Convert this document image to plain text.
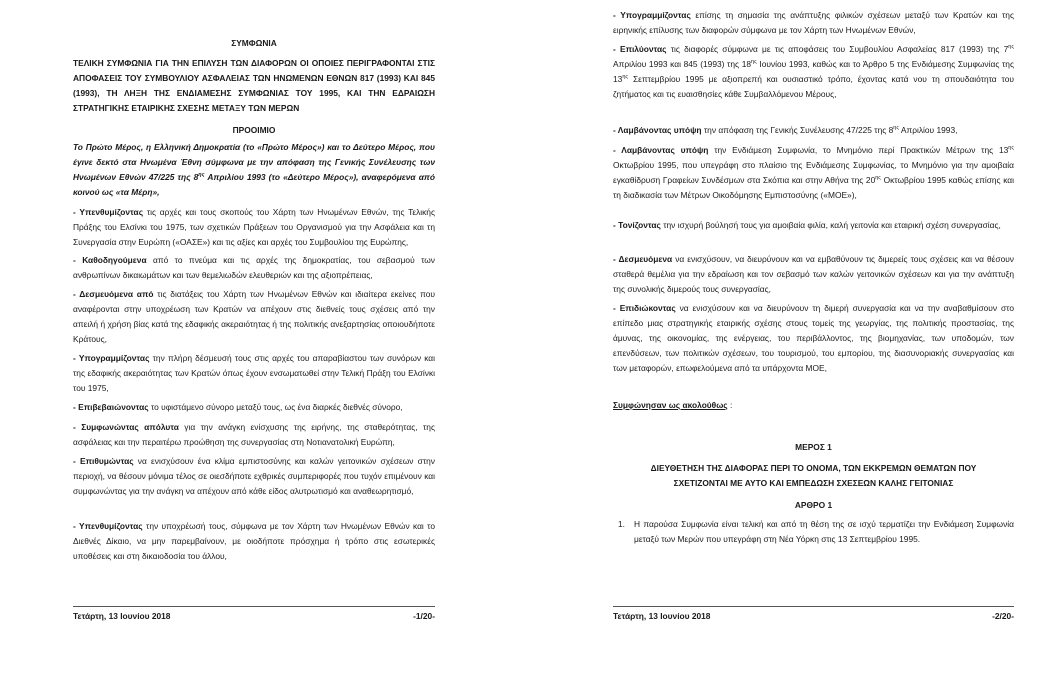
ΣΥΜΦΩΝΙΑ
ΤΕΛΙΚΗ ΣΥΜΦΩΝΙΑ ΓΙΑ ΤΗΝ ΕΠΙΛΥΣΗ ΤΩΝ ΔΙΑΦΟΡΩΝ ΟΙ ΟΠΟΙΕΣ ΠΕΡΙΓΡΑΦΟΝΤΑΙ ΣΤΙΣ ΑΠΟΦΑΣΕΙΣ ΤΟΥ ΣΥΜΒΟΥΛΙΟΥ ΑΣΦΑΛΕΙΑΣ ΤΩΝ ΗΝΩΜΕΝΩΝ ΕΘΝΩΝ 817 (1993) ΚΑΙ 845 (1993), ΤΗ ΛΗΞΗ ΤΗΣ ΕΝΔΙΑΜΕΣΗΣ ΣΥΜΦΩΝΙΑΣ ΤΟΥ 1995, ΚΑΙ ΤΗΝ ΕΔΡΑΙΩΣΗ ΣΤΡΑΤΗΓΙΚΗΣ ΕΤΑΙΡΙΚΗΣ ΣΧΕΣΗΣ ΜΕΤΑΞΥ ΤΩΝ ΜΕΡΩΝ
ΠΡΟΟΙΜΙΟ
Το Πρώτο Μέρος, η Ελληνική Δημοκρατία (το «Πρώτο Μέρος») και το Δεύτερο Μέρος, που έγινε δεκτό στα Ηνωμένα Έθνη σύμφωνα με την απόφαση της Γενικής Συνέλευσης των Ηνωμένων Εθνών 47/225 της $8^{\eta\varsigma}$ Απριλίου 1993 (το «Δεύτερο Μέρος»), αναφερόμενα από κοινού ως «τα Μέρη»,
- Υπενθυμίζοντας τις αρχές και τους σκοπούς του Χάρτη των Ηνωμένων Εθνών, της Τελικής Πράξης του Ελσίνκι του 1975, των σχετικών Πράξεων του Οργανισμού για την Ασφάλεια και τη Συνεργασία στην Ευρώπη («ΟΑΣΕ») και τις αξίες και αρχές του Συμβουλίου της Ευρώπης,
- Καθοδηγούμενα από το πνεύμα και τις αρχές της δημοκρατίας, του σεβασμού των ανθρωπίνων δικαιωμάτων και των θεμελιωδών ελευθεριών και της αξιοπρέπειας,
- Δεσμευόμενα από τις διατάξεις του Χάρτη των Ηνωμένων Εθνών και ιδιαίτερα εκείνες που αναφέρονται στην υποχρέωση των Κρατών να απέχουν στις διεθνείς τους σχέσεις από την απειλή ή χρήση βίας κατά της εδαφικής ακεραιότητας ή της πολιτικής ανεξαρτησίας οποιουδήποτε Κράτους,
- Υπογραμμίζοντας την πλήρη δέσμευσή τους στις αρχές του απαραβίαστου των συνόρων και της εδαφικής ακεραιότητας των Κρατών όπως έχουν ενσωματωθεί στην Τελική Πράξη του Ελσίνκι του 1975,
- Επιβεβαιώνοντας το υφιστάμενο σύνορο μεταξύ τους, ως ένα διαρκές διεθνές σύνορο,
- Συμφωνώντας απόλυτα για την ανάγκη ενίσχυσης της ειρήνης, της σταθερότητας, της ασφάλειας και την περαιτέρω προώθηση της συνεργασίας στη Νοτιανατολική Ευρώπη,
- Επιθυμώντας να ενισχύσουν ένα κλίμα εμπιστοσύνης και καλών γειτονικών σχέσεων στην περιοχή, να θέσουν μόνιμα τέλος σε οιεσδήποτε εχθρικές συμπεριφορές που τυχόν επιμένουν και συμφωνώντας για την ανάγκη να απέχουν από κάθε είδος αλυτρωτισμό και αναθεωρητισμό,
- Υπενθυμίζοντας την υποχρέωσή τους, σύμφωνα με τον Χάρτη των Ηνωμένων Εθνών και το Διεθνές Δίκαιο, να μην παρεμβαίνουν, με οιοδήποτε πρόσχημα ή τρόπο στις εσωτερικές υποθέσεις και στη δικαιοδοσία του άλλου,
Τετάρτη, 13 Ιουνίου 2018	-1/20-
- Υπογραμμίζοντας επίσης τη σημασία της ανάπτυξης φιλικών σχέσεων μεταξύ των Κρατών και της ειρηνικής επίλυσης των διαφορών σύμφωνα με τον Χάρτη των Ηνωμένων Εθνών,
- Επιλύοντας τις διαφορές σύμφωνα με τις αποφάσεις του Συμβουλίου Ασφαλείας 817 (1993) της $7^{\eta\varsigma}$ Απριλίου 1993 και 845 (1993) της $18^{\eta\varsigma}$ Ιουνίου 1993, καθώς και το Άρθρο 5 της Ενδιάμεσης Συμφωνίας της $13^{\eta\varsigma}$ Σεπτεμβρίου 1995 με αξιοπρεπή και ουσιαστικό τρόπο, έχοντας κατά νου τη σπουδαιότητα του ζητήματος και τις ευαισθησίες κάθε Συμβαλλόμενου Μέρους,
- Λαμβάνοντας υπόψη την απόφαση της Γενικής Συνέλευσης 47/225 της $8^{\eta\varsigma}$ Απριλίου 1993,
- Λαμβάνοντας υπόψη την Ενδιάμεση Συμφωνία, το Μνημόνιο περί Πρακτικών Μέτρων της $13^{\eta\varsigma}$ Οκτωβρίου 1995, που υπεγράφη στο πλαίσιο της Ενδιάμεσης Συμφωνίας, το Μνημόνιο για την αμοιβαία εγκαθίδρυση Γραφείων Συνδέσμων στα Σκόπια και στην Αθήνα της $20^{\eta\varsigma}$ Οκτωβρίου 1995 καθώς επίσης και τη διαδικασία των Μέτρων Οικοδόμησης Εμπιστοσύνης («ΜΟΕ»),
- Τονίζοντας την ισχυρή βούλησή τους για αμοιβαία φιλία, καλή γειτονία και εταιρική σχέση συνεργασίας,
- Δεσμευόμενα να ενισχύσουν, να διευρύνουν και να εμβαθύνουν τις διμερείς τους σχέσεις και να θέσουν σταθερά θεμέλια για την εδραίωση και τον σεβασμό των καλών γειτονικών σχέσεων και για την ανάπτυξη της συνολικής διμερούς τους συνεργασίας,
- Επιδιώκοντας να ενισχύσουν και να διευρύνουν τη διμερή συνεργασία και να την αναβαθμίσουν στο επίπεδο μιας στρατηγικής εταιρικής σχέσης στους τομείς της γεωργίας, της πολιτικής προστασίας, της άμυνας, της οικονομίας, της ενέργειας, του περιβάλλοντος, της βιομηχανίας, των υποδομών, των επενδύσεων, των πολιτικών σχέσεων, του τουρισμού, του εμπορίου, της διασυνοριακής συνεργασίας και των μεταφορών, επωφελούμενα από τα υπάρχοντα ΜΟΕ,
Συμφώνησαν ως ακολούθως :
ΜΕΡΟΣ 1
ΔΙΕΥΘΕΤΗΣΗ ΤΗΣ ΔΙΑΦΟΡΑΣ ΠΕΡΙ ΤΟ ΟΝΟΜΑ, ΤΩΝ ΕΚΚΡΕΜΩΝ ΘΕΜΑΤΩΝ ΠΟΥ ΣΧΕΤΙΖΟΝΤΑΙ ΜΕ ΑΥΤΟ ΚΑΙ ΕΜΠΕΔΩΣΗ ΣΧΕΣΕΩΝ ΚΑΛΗΣ ΓΕΙΤΟΝΙΑΣ
ΑΡΘΡΟ 1
1. Η παρούσα Συμφωνία είναι τελική και από τη θέση της σε ισχύ τερματίζει την Ενδιάμεση Συμφωνία μεταξύ των Μερών που υπεγράφη στη Νέα Υόρκη στις 13 Σεπτεμβρίου 1995.
Τετάρτη, 13 Ιουνίου 2018	-2/20-
